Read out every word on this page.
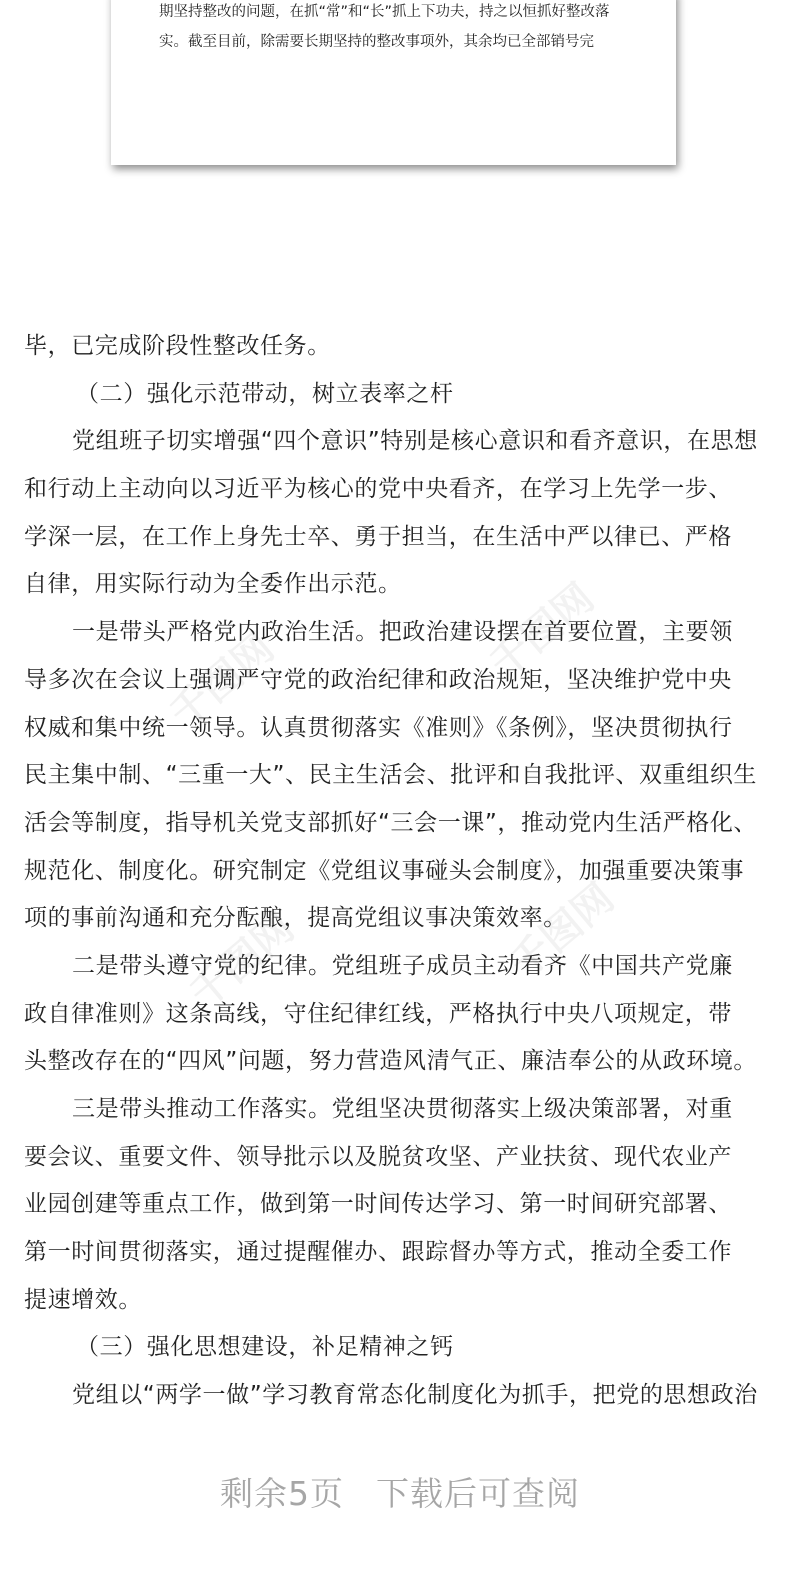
期坚持整改的问题，在抓“常”和“长”抓上下功夫，持之以恒抓好整改落
实。截至目前，除需要长期坚持的整改事项外，其余均已全部销号完
千图网	千图网
千图网	千图网
毕，已完成阶段性整改任务。
（二）强化示范带动，树立表率之杆
党组班子切实增强“四个意识”特别是核心意识和看齐意识，在思想
和行动上主动向以习近平为核心的党中央看齐，在学习上先学一步、
学深一层，在工作上身先士卒、勇于担当，在生活中严以律已、严格
自律，用实际行动为全委作出示范。
一是带头严格党内政治生活。把政治建设摆在首要位置，主要领
导多次在会议上强调严守党的政治纪律和政治规矩，坚决维护党中央
权威和集中统一领导。认真贯彻落实《准则》《条例》，坚决贯彻执行
民主集中制、“三重一大”、民主生活会、批评和自我批评、双重组织生
活会等制度，指导机关党支部抓好“三会一课”，推动党内生活严格化、
规范化、制度化。研究制定《党组议事碰头会制度》，加强重要决策事
项的事前沟通和充分酝酿，提高党组议事决策效率。
二是带头遵守党的纪律。党组班子成员主动看齐《中国共产党廉
政自律准则》这条高线，守住纪律红线，严格执行中央八项规定，带
头整改存在的“四风”问题，努力营造风清气正、廉洁奉公的从政环境。
三是带头推动工作落实。党组坚决贯彻落实上级决策部署，对重
要会议、重要文件、领导批示以及脱贫攻坚、产业扶贫、现代农业产
业园创建等重点工作，做到第一时间传达学习、第一时间研究部署、
第一时间贯彻落实，通过提醒催办、跟踪督办等方式，推动全委工作
提速增效。
（三）强化思想建设，补足精神之钙
党组以“两学一做”学习教育常态化制度化为抓手，把党的思想政治
剩余5页 下载后可查阅
